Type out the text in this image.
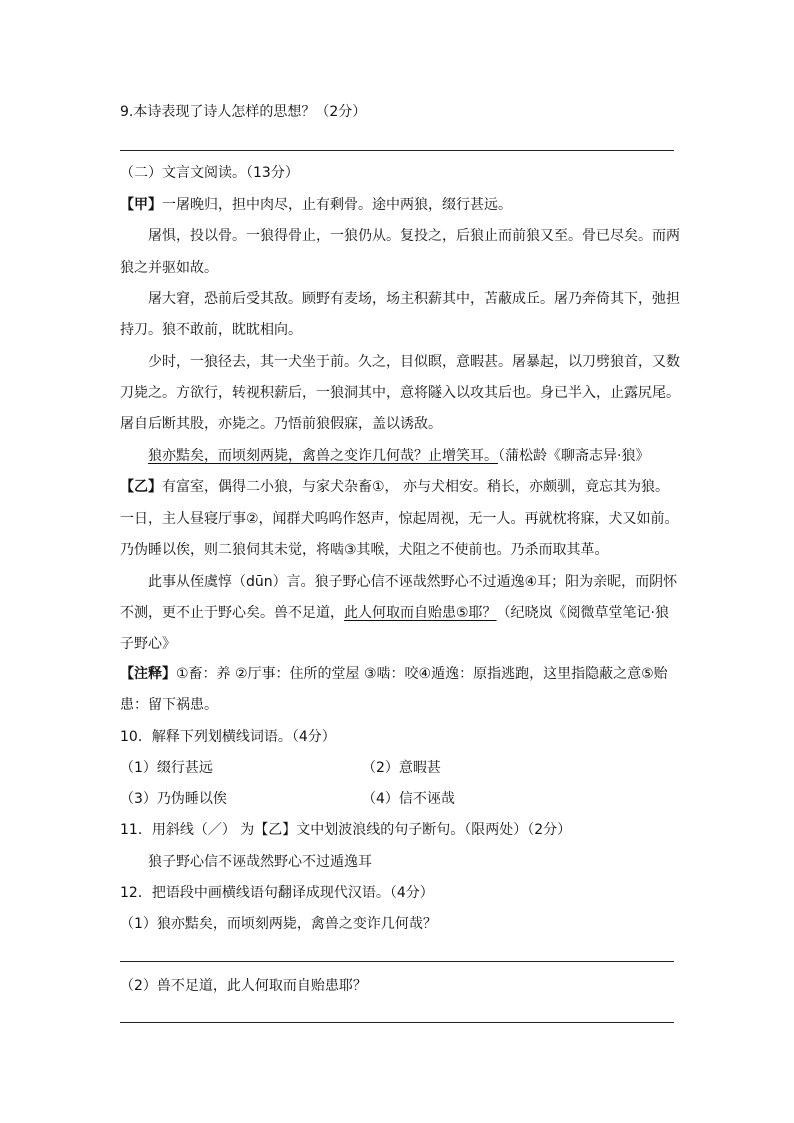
9.本诗表现了诗人怎样的思想？（2分）
（二）文言文阅读。（13分）
【甲】一屠晚归，担中肉尽，止有剩骨。途中两狼，缀行甚远。
屠惧，投以骨。一狼得骨止，一狼仍从。复投之，后狼止而前狼又至。骨已尽矣。而两
狼之并驱如故。
屠大窘，恐前后受其敌。顾野有麦场，场主积薪其中，苫蔽成丘。屠乃奔倚其下，弛担
持刀。狼不敢前，眈眈相向。
少时，一狼径去，其一犬坐于前。久之，目似瞑，意暇甚。屠暴起，以刀劈狼首，又数
刀毙之。方欲行，转视积薪后，一狼洞其中，意将隧入以攻其后也。身已半入，止露尻尾。
屠自后断其股，亦毙之。乃悟前狼假寐，盖以诱敌。
狼亦黠矣，而顷刻两毙，禽兽之变诈几何哉？止增笑耳。（蒲松龄《聊斋志异·狼》
【乙】有富室，偶得二小狼，与家犬杂畜①， 亦与犬相安。稍长，亦颇驯，竟忘其为狼。
一日，主人昼寝厅事②，闻群犬呜呜作怒声，惊起周视，无一人。再就枕将寐，犬又如前。
乃伪睡以俟，则二狼伺其未觉，将啮③其喉，犬阻之不使前也。乃杀而取其革。
此事从侄虞惇（dūn）言。狼子野心信不诬哉然野心不过遁逸④耳；阳为亲昵，而阴怀
不测，更不止于野心矣。兽不足道，此人何取而自贻患⑤耶？（纪晓岚《阅微草堂笔记·狼
子野心》
【注释】①畜：养 ②厅事：住所的堂屋 ③啮：咬④遁逸：原指逃跑，这里指隐蔽之意⑤贻
患：留下祸患。
10．解释下列划横线词语。（4分）
（1）缀行甚远	（2）意暇甚
（3）乃伪睡以俟	（4）信不诬哉
11．用斜线（／） 为【乙】文中划波浪线的句子断句。（限两处）（2分）
狼子野心信不诬哉然野心不过遁逸耳
12．把语段中画横线语句翻译成现代汉语。（4分）
（1）狼亦黠矣，而顷刻两毙，禽兽之变诈几何哉？
（2）兽不足道，此人何取而自贻患耶？
